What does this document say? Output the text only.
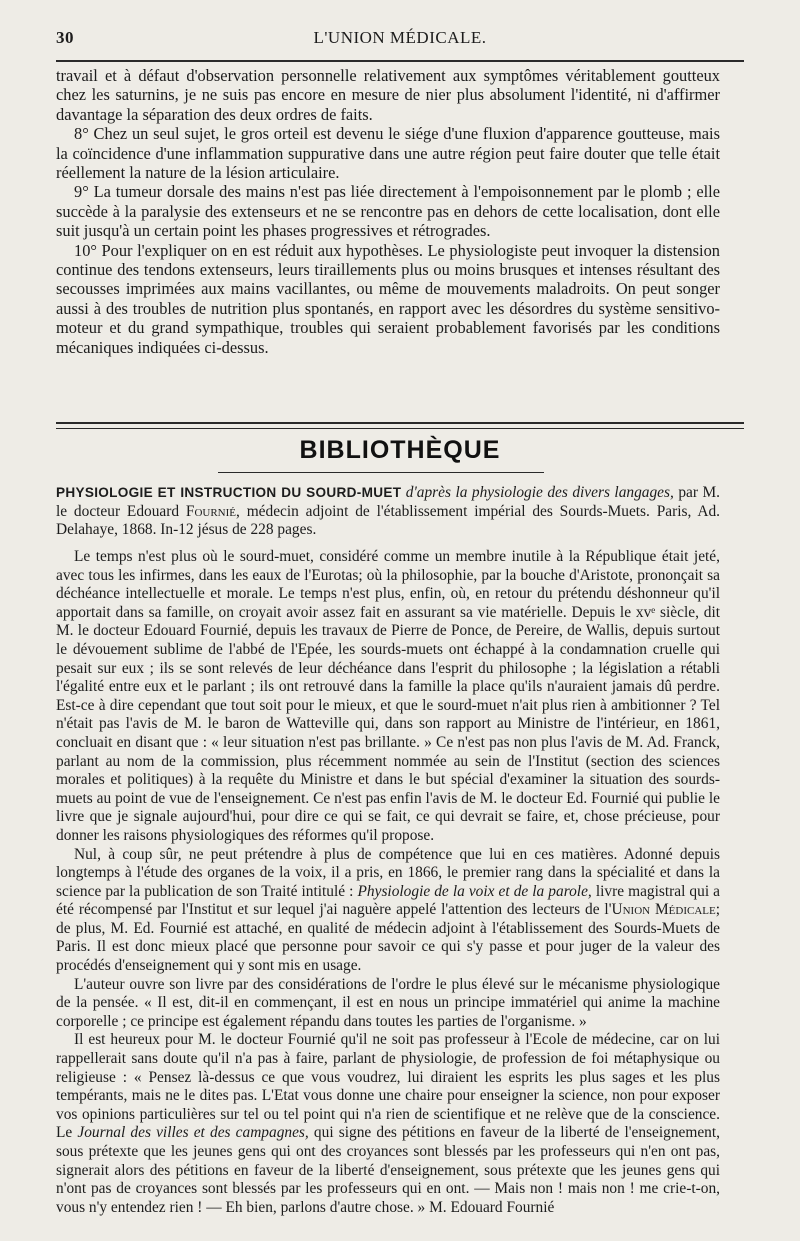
30	L'UNION MÉDICALE.

travail et à défaut d'observation personnelle relativement aux symptômes véritablement goutteux chez les saturnins, je ne suis pas encore en mesure de nier plus absolument l'identité, ni d'affirmer davantage la séparation des deux ordres de faits.

8° Chez un seul sujet, le gros orteil est devenu le siége d'une fluxion d'apparence goutteuse, mais la coïncidence d'une inflammation suppurative dans une autre région peut faire douter que telle était réellement la nature de la lésion articulaire.

9° La tumeur dorsale des mains n'est pas liée directement à l'empoisonnement par le plomb ; elle succède à la paralysie des extenseurs et ne se rencontre pas en dehors de cette localisation, dont elle suit jusqu'à un certain point les phases progressives et rétrogrades.

10° Pour l'expliquer on en est réduit aux hypothèses. Le physiologiste peut invoquer la distension continue des tendons extenseurs, leurs tiraillements plus ou moins brusques et intenses résultant des secousses imprimées aux mains vacillantes, ou même de mouvements maladroits. On peut songer aussi à des troubles de nutrition plus spontanés, en rapport avec les désordres du système sensitivo-moteur et du grand sympathique, troubles qui seraient probablement favorisés par les conditions mécaniques indiquées ci-dessus.

BIBLIOTHÈQUE
PHYSIOLOGIE ET INSTRUCTION DU SOURD-MUET d'après la physiologie des divers langages, par M. le docteur Edouard Fournié, médecin adjoint de l'établissement impérial des Sourds-Muets. Paris, Ad. Delahaye, 1868. In-12 jésus de 228 pages.

Le temps n'est plus où le sourd-muet, considéré comme un membre inutile à la République était jeté, avec tous les infirmes, dans les eaux de l'Eurotas; où la philosophie, par la bouche d'Aristote, prononçait sa déchéance intellectuelle et morale. Le temps n'est plus, enfin, où, en retour du prétendu déshonneur qu'il apportait dans sa famille, on croyait avoir assez fait en assurant sa vie matérielle. Depuis le xvᵉ siècle, dit M. le docteur Edouard Fournié, depuis les travaux de Pierre de Ponce, de Pereire, de Wallis, depuis surtout le dévouement sublime de l'abbé de l'Epée, les sourds-muets ont échappé à la condamnation cruelle qui pesait sur eux ; ils se sont relevés de leur déchéance dans l'esprit du philosophe ; la législation a rétabli l'égalité entre eux et le parlant ; ils ont retrouvé dans la famille la place qu'ils n'auraient jamais dû perdre. Est-ce à dire cependant que tout soit pour le mieux, et que le sourd-muet n'ait plus rien à ambitionner ? Tel n'était pas l'avis de M. le baron de Watteville qui, dans son rapport au Ministre de l'intérieur, en 1861, concluait en disant que : « leur situation n'est pas brillante. » Ce n'est pas non plus l'avis de M. Ad. Franck, parlant au nom de la commission, plus récemment nommée au sein de l'Institut (section des sciences morales et politiques) à la requête du Ministre et dans le but spécial d'examiner la situation des sourds-muets au point de vue de l'enseignement. Ce n'est pas enfin l'avis de M. le docteur Ed. Fournié qui publie le livre que je signale aujourd'hui, pour dire ce qui se fait, ce qui devrait se faire, et, chose précieuse, pour donner les raisons physiologiques des réformes qu'il propose.

Nul, à coup sûr, ne peut prétendre à plus de compétence que lui en ces matières. Adonné depuis longtemps à l'étude des organes de la voix, il a pris, en 1866, le premier rang dans la spécialité et dans la science par la publication de son Traité intitulé : Physiologie de la voix et de la parole, livre magistral qui a été récompensé par l'Institut et sur lequel j'ai naguère appelé l'attention des lecteurs de l'Union Médicale; de plus, M. Ed. Fournié est attaché, en qualité de médecin adjoint à l'établissement des Sourds-Muets de Paris. Il est donc mieux placé que personne pour savoir ce qui s'y passe et pour juger de la valeur des procédés d'enseignement qui y sont mis en usage.

L'auteur ouvre son livre par des considérations de l'ordre le plus élevé sur le mécanisme physiologique de la pensée. « Il est, dit-il en commençant, il est en nous un principe immatériel qui anime la machine corporelle ; ce principe est également répandu dans toutes les parties de l'organisme. »

Il est heureux pour M. le docteur Fournié qu'il ne soit pas professeur à l'Ecole de médecine, car on lui rappellerait sans doute qu'il n'a pas à faire, parlant de physiologie, de profession de foi métaphysique ou religieuse : « Pensez là-dessus ce que vous voudrez, lui diraient les esprits les plus sages et les plus tempérants, mais ne le dites pas. L'Etat vous donne une chaire pour enseigner la science, non pour exposer vos opinions particulières sur tel ou tel point qui n'a rien de scientifique et ne relève que de la conscience. Le Journal des villes et des campagnes, qui signe des pétitions en faveur de la liberté de l'enseignement, sous prétexte que les jeunes gens qui ont des croyances sont blessés par les professeurs qui n'en ont pas, signerait alors des pétitions en faveur de la liberté d'enseignement, sous prétexte que les jeunes gens qui n'ont pas de croyances sont blessés par les professeurs qui en ont. — Mais non ! mais non ! me crie-t-on, vous n'y entendez rien ! — Eh bien, parlons d'autre chose. » M. Edouard Fournié
